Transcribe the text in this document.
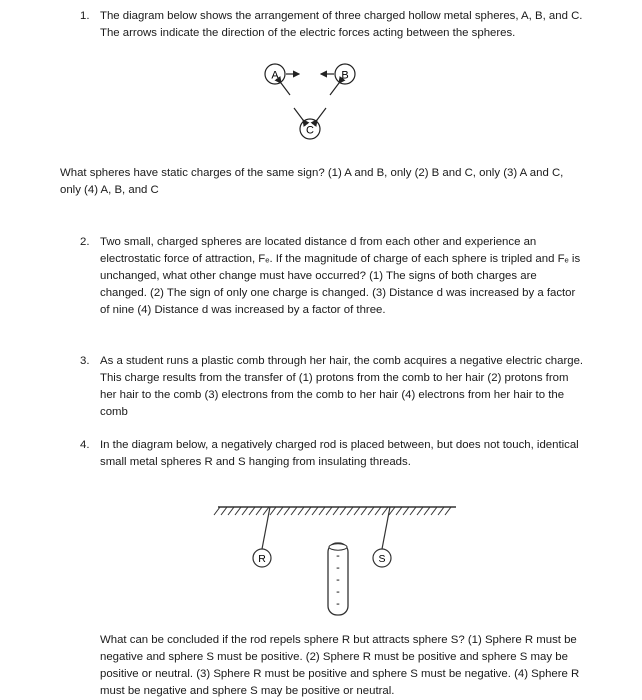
1. The diagram below shows the arrangement of three charged hollow metal spheres, A, B, and C. The arrows indicate the direction of the electric forces acting between the spheres.
A	B
C
What spheres have static charges of the same sign? (1) A and B, only (2) B and C, only (3) A and C, only (4) A, B, and C
2. Two small, charged spheres are located distance d from each other and experience an electrostatic force of attraction, Fₑ. If the magnitude of charge of each sphere is tripled and Fₑ is unchanged, what other change must have occurred? (1) The signs of both charges are changed. (2) The sign of only one charge is changed. (3) Distance d was increased by a factor of nine (4) Distance d was increased by a factor of three.
3. As a student runs a plastic comb through her hair, the comb acquires a negative electric charge. This charge results from the transfer of (1) protons from the comb to her hair (2) protons from her hair to the comb (3) electrons from the comb to her hair (4) electrons from her hair to the comb
4. In the diagram below, a negatively charged rod is placed between, but does not touch, identical small metal spheres R and S hanging from insulating threads.
R	S
-
-
-
-
-
What can be concluded if the rod repels sphere R but attracts sphere S? (1) Sphere R must be negative and sphere S must be positive. (2) Sphere R must be positive and sphere S may be positive or neutral. (3) Sphere R must be positive and sphere S must be negative. (4) Sphere R must be negative and sphere S may be positive or neutral.
